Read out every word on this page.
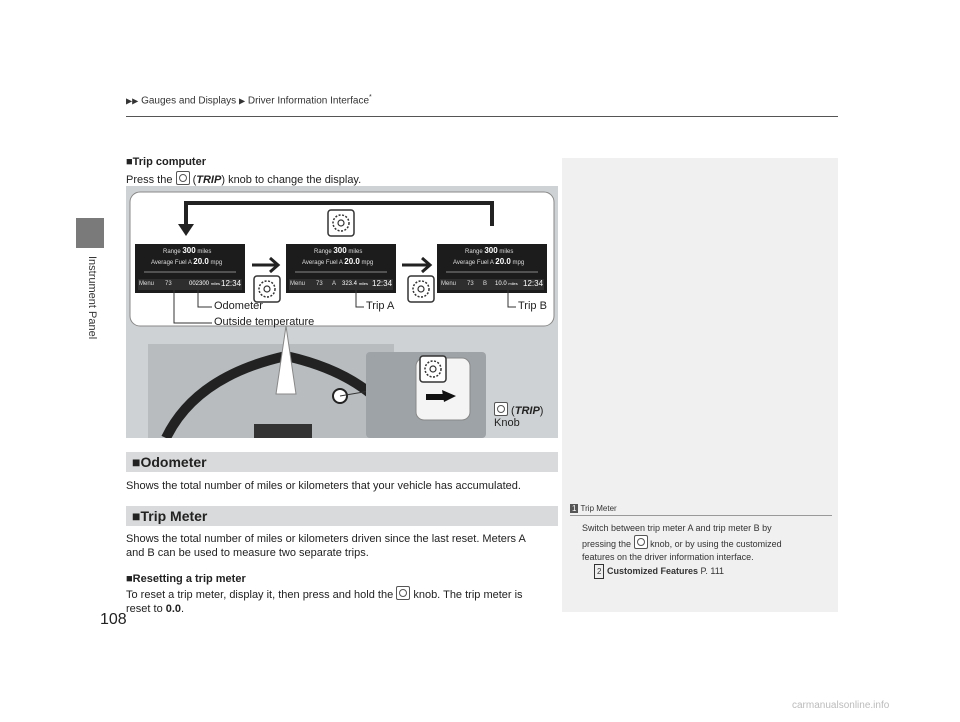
Instrument Panel
▶▶ Gauges and Displays ▶ Driver Information Interface*
■Trip computer
Press the  (TRIP) knob to change the display.
Range 300 miles
Average Fuel A 20.0 mpg
Menu 73	002300 miles 12:34
Range 300 miles
Average Fuel A 20.0 mpg
Menu 73 A 323.4 miles 12:34
Range 300 miles
Average Fuel A 20.0 mpg
Menu 73 B 10.0 miles 12:34
Odometer
Outside temperature
Trip A	Trip B
(TRIP)
Knob
■Odometer
Shows the total number of miles or kilometers that your vehicle has accumulated.
■Trip Meter
Shows the total number of miles or kilometers driven since the last reset. Meters A
and B can be used to measure two separate trips.
■Resetting a trip meter
To reset a trip meter, display it, then press and hold the knob. The trip meter is
reset to 0.0.
1 Trip Meter
Switch between trip meter A and trip meter B by
pressing the knob, or by using the customized
features on the driver information interface.
2 Customized Features P. 111
108
carmanualsonline.info
